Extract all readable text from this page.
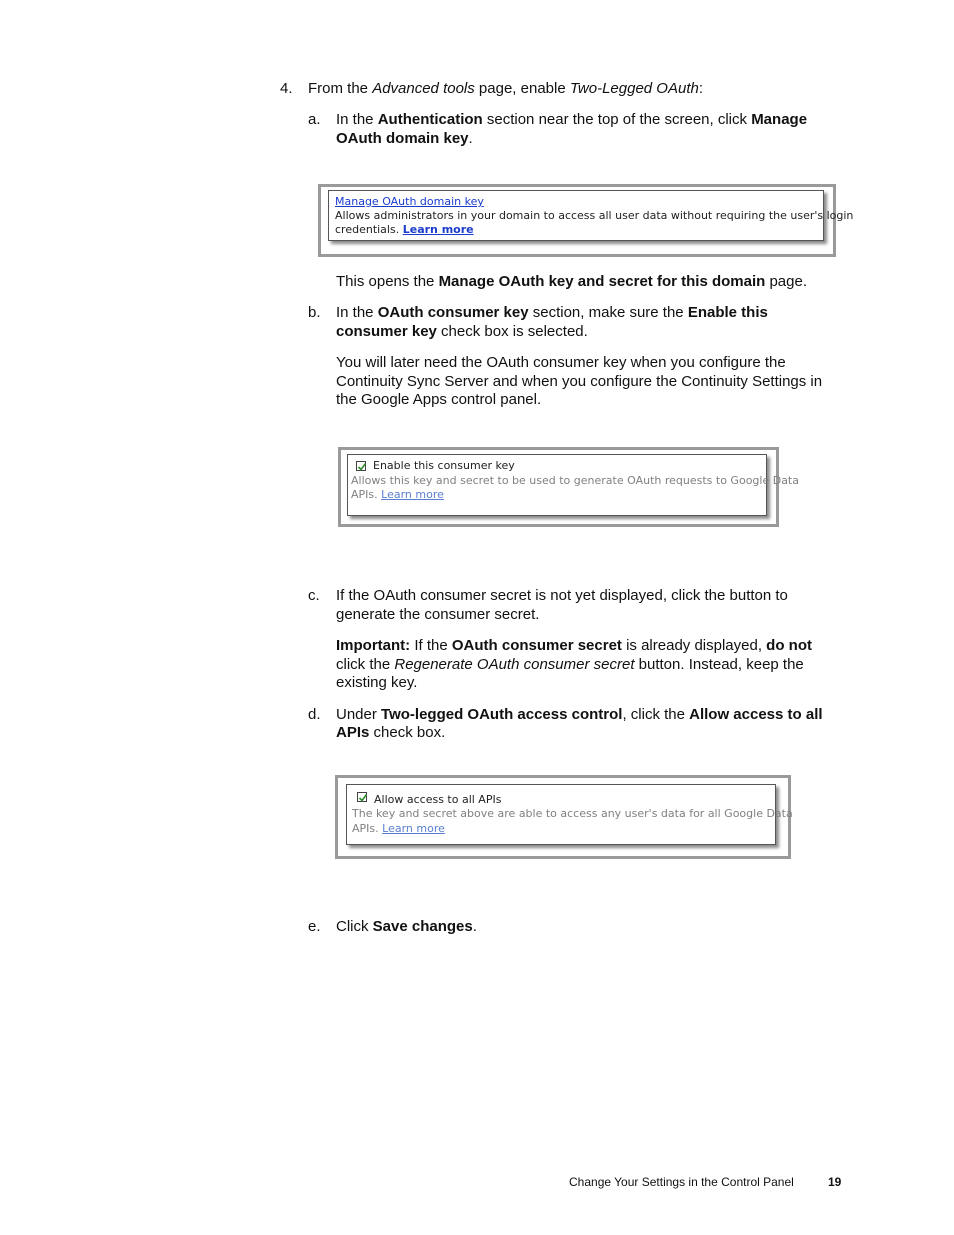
4. From the Advanced tools page, enable Two-Legged OAuth:
a. In the Authentication section near the top of the screen, click Manage
OAuth domain key.
Manage OAuth domain key
Allows administrators in your domain to access all user data without requiring the user's login
credentials. Learn more
This opens the Manage OAuth key and secret for this domain page.
b. In the OAuth consumer key section, make sure the Enable this
consumer key check box is selected.
You will later need the OAuth consumer key when you configure the
Continuity Sync Server and when you configure the Continuity Settings in
the Google Apps control panel.
Enable this consumer key
Allows this key and secret to be used to generate OAuth requests to Google Data
APIs. Learn more
c. If the OAuth consumer secret is not yet displayed, click the button to
generate the consumer secret.
Important: If the OAuth consumer secret is already displayed, do not
click the Regenerate OAuth consumer secret button. Instead, keep the
existing key.
d. Under Two-legged OAuth access control, click the Allow access to all
APIs check box.
Allow access to all APIs
The key and secret above are able to access any user's data for all Google Data
APIs. Learn more
e. Click Save changes.
Change Your Settings in the Control Panel	19
